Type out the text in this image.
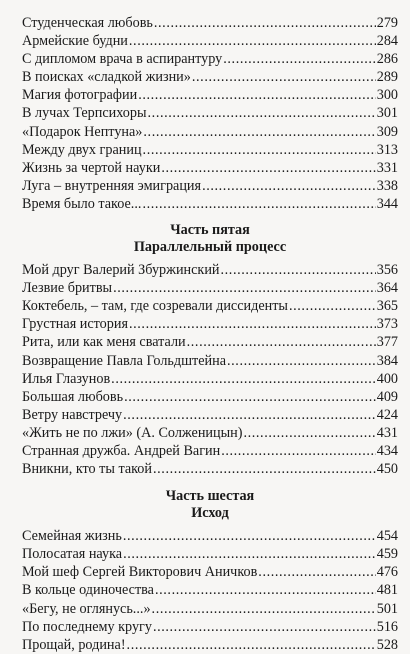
Студенческая любовь .....	279
Армейские будни .....	284
С дипломом врача в аспирантуру .....	286
В поисках «сладкой жизни» .....	289
Магия фотографии .....	300
В лучах Терпсихоры .....	301
«Подарок Нептуна» .....	309
Между двух границ .....	313
Жизнь за чертой науки .....	331
Луга – внутренняя эмиграция .....	338
Время было такое... .....	344
Часть пятая
Параллельный процесс
Мой друг Валерий Збуржинский .....	356
Лезвие бритвы .....	364
Коктебель, – там, где созревали диссиденты .....	365
Грустная история .....	373
Рита, или как меня сватали .....	377
Возвращение Павла Гольдштейна .....	384
Илья Глазунов .....	400
Большая любовь .....	409
Ветру навстречу .....	424
«Жить не по лжи» (А. Солженицын) .....	431
Странная дружба. Андрей Вагин .....	434
Вникни, кто ты такой .....	450
Часть шестая
Исход
Семейная жизнь .....	454
Полосатая наука .....	459
Мой шеф Сергей Викторович Аничков .....	476
В кольце одиночества .....	481
«Бегу, не оглянусь...» .....	501
По последнему кругу .....	516
Прощай, родина! .....	528
